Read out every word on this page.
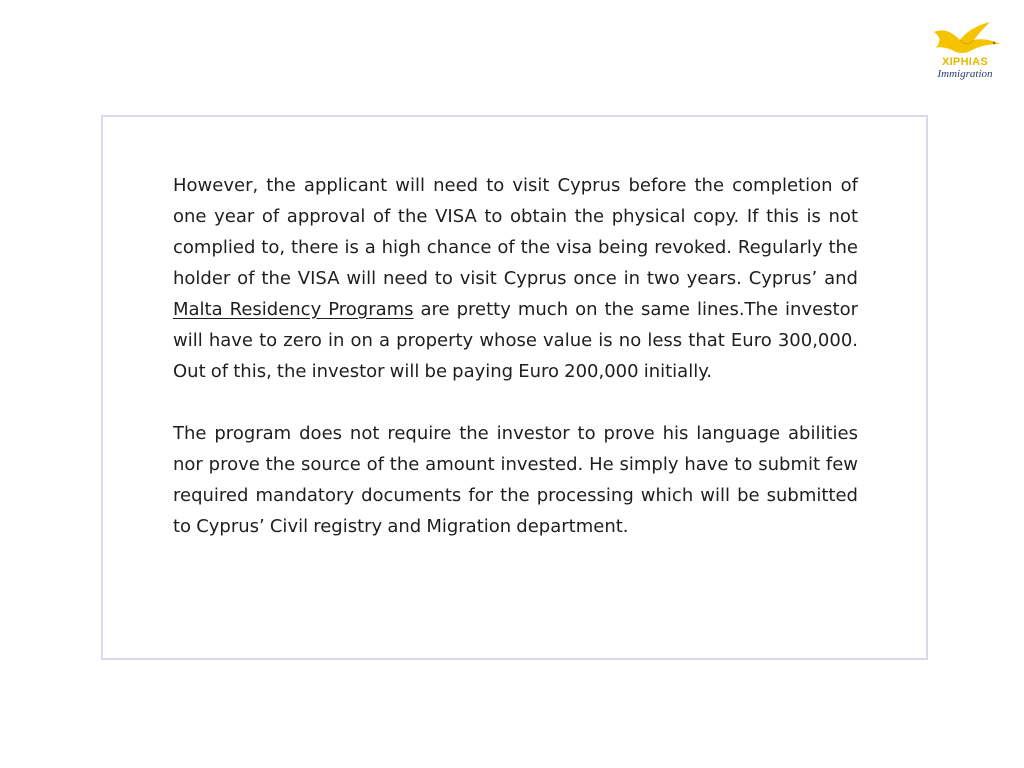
XIPHIAS
Immigration

However, the applicant will need to visit Cyprus before the completion of one year of approval of the VISA to obtain the physical copy. If this is not complied to, there is a high chance of the visa being revoked. Regularly the holder of the VISA will need to visit Cyprus once in two years. Cyprus’ and Malta Residency Programs are pretty much on the same lines.The investor will have to zero in on a property whose value is no less that Euro 300,000. Out of this, the investor will be paying Euro 200,000 initially.

The program does not require the investor to prove his language abilities nor prove the source of the amount invested. He simply have to submit few required mandatory documents for the processing which will be submitted to Cyprus’ Civil registry and Migration department.
